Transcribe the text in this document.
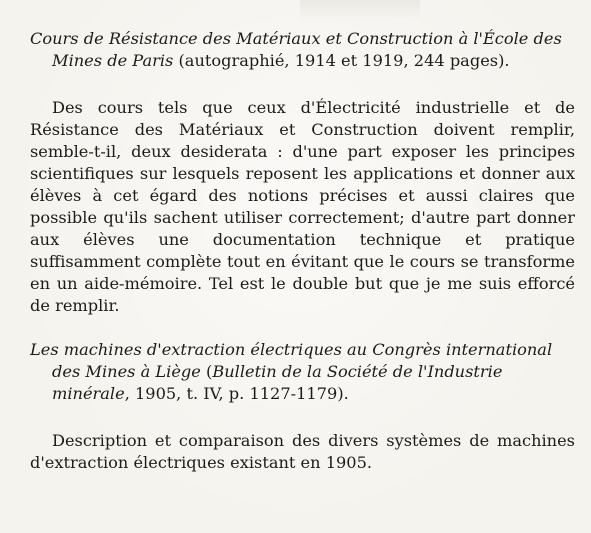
Cours de Résistance des Matériaux et Construction à l'École des Mines de Paris (autographié, 1914 et 1919, 244 pages).

Des cours tels que ceux d'Électricité industrielle et de Résistance des Matériaux et Construction doivent remplir, semble-t-il, deux desiderata : d'une part exposer les principes scientifiques sur lesquels reposent les applications et donner aux élèves à cet égard des notions précises et aussi claires que possible qu'ils sachent utiliser correctement; d'autre part donner aux élèves une documentation technique et pratique suffisamment complète tout en évitant que le cours se transforme en un aide-mémoire. Tel est le double but que je me suis efforcé de remplir.

Les machines d'extraction électriques au Congrès international des Mines à Liège (Bulletin de la Société de l'Industrie minérale, 1905, t. IV, p. 1127-1179).

Description et comparaison des divers systèmes de machines d'extraction électriques existant en 1905.
